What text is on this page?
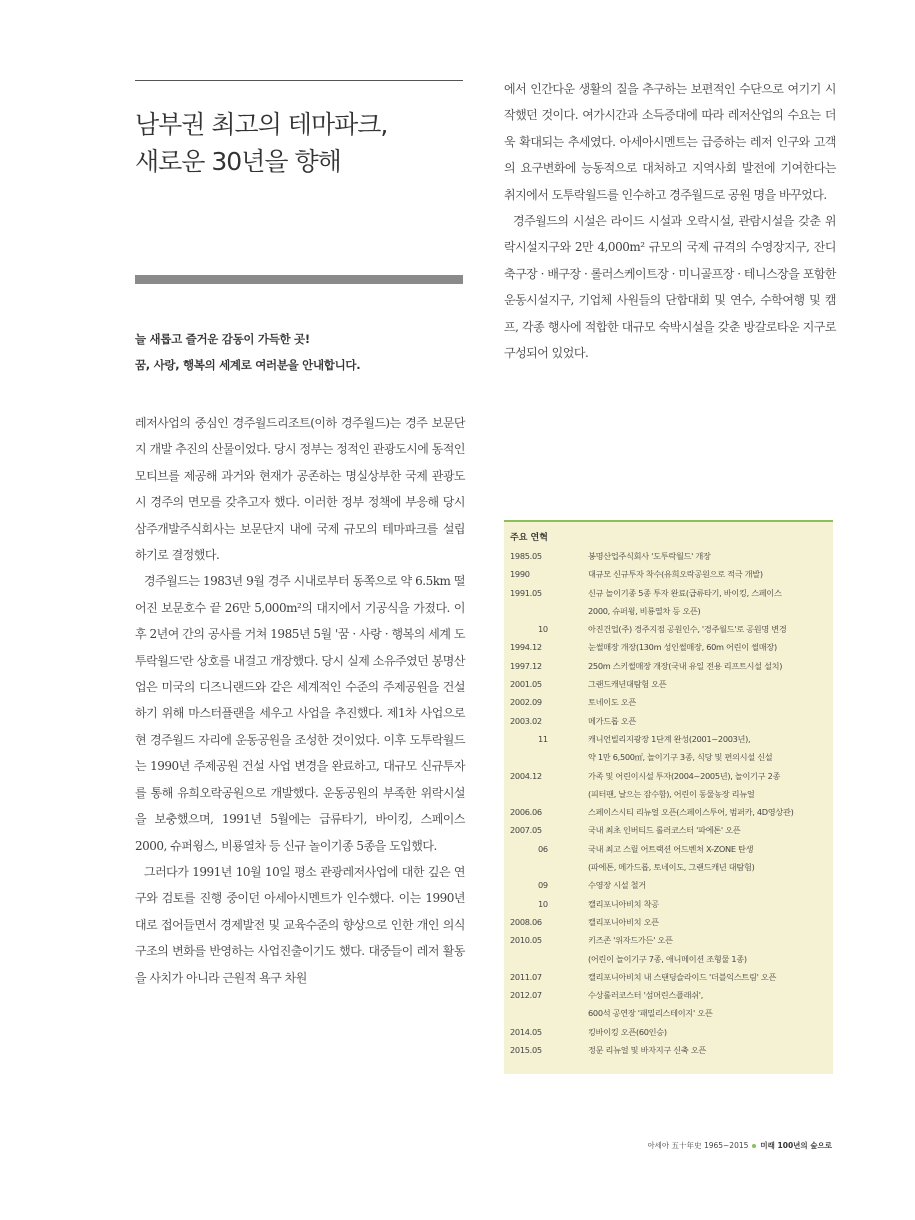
남부권 최고의 테마파크,
새로운 30년을 향해

늘 새롭고 즐거운 감동이 가득한 곳!
꿈, 사랑, 행복의 세계로 여러분을 안내합니다.

레저사업의 중심인 경주월드리조트(이하 경주월드)는 경주 보문단지 개발 추진의 산물이었다. 당시 정부는 정적인 관광도시에 동적인 모티브를 제공해 과거와 현재가 공존하는 명실상부한 국제 관광도시 경주의 면모를 갖추고자 했다. 이러한 정부 정책에 부응해 당시 삼주개발주식회사는 보문단지 내에 국제 규모의 테마파크를 설립하기로 결정했다.

경주월드는 1983년 9월 경주 시내로부터 동쪽으로 약 6.5km 떨어진 보문호수 끝 26만 5,000m²의 대지에서 기공식을 가졌다. 이후 2년여 간의 공사를 거쳐 1985년 5월 '꿈 · 사랑 · 행복의 세계 도투락월드'란 상호를 내걸고 개장했다. 당시 실제 소유주였던 봉명산업은 미국의 디즈니랜드와 같은 세계적인 수준의 주제공원을 건설하기 위해 마스터플랜을 세우고 사업을 추진했다. 제1차 사업으로 현 경주월드 자리에 운동공원을 조성한 것이었다. 이후 도투락월드는 1990년 주제공원 건설 사업 변경을 완료하고, 대규모 신규투자를 통해 유희오락공원으로 개발했다. 운동공원의 부족한 위락시설을 보충했으며, 1991년 5월에는 급류타기, 바이킹, 스페이스 2000, 슈퍼윙스, 비룡열차 등 신규 놀이기종 5종을 도입했다.

그러다가 1991년 10월 10일 평소 관광레저사업에 대한 깊은 연구와 검토를 진행 중이던 아세아시멘트가 인수했다. 이는 1990년대로 접어들면서 경제발전 및 교육수준의 향상으로 인한 개인 의식구조의 변화를 반영하는 사업진출이기도 했다. 대중들이 레저 활동을 사치가 아니라 근원적 욕구 차원

에서 인간다운 생활의 질을 추구하는 보편적인 수단으로 여기기 시작했던 것이다. 여가시간과 소득증대에 따라 레저산업의 수요는 더욱 확대되는 추세였다. 아세아시멘트는 급증하는 레저 인구와 고객의 요구변화에 능동적으로 대처하고 지역사회 발전에 기여한다는 취지에서 도투락월드를 인수하고 경주월드로 공원 명을 바꾸었다.

경주월드의 시설은 라이드 시설과 오락시설, 관람시설을 갖춘 위락시설지구와 2만 4,000m² 규모의 국제 규격의 수영장지구, 잔디 축구장 · 배구장 · 롤러스케이트장 · 미니골프장 · 테니스장을 포함한 운동시설지구, 기업체 사원들의 단합대회 및 연수, 수학여행 및 캠프, 각종 행사에 적합한 대규모 숙박시설을 갖춘 방갈로타운 지구로 구성되어 있었다.

주요 연혁
1985.05	봉명산업주식회사 '도투락월드' 개장
1990	대규모 신규투자 착수(유희오락공원으로 적극 개발)
1991.05	신규 놀이기종 5종 투자 완료(급류타기, 바이킹, 스페이스
2000, 슈퍼윙, 비룡열차 등 오픈)
10	아진건업(주) 경주지점 공원인수, '경주월드'로 공원명 변경
1994.12	눈썰매장 개장(130m 성인썰매장, 60m 어린이 썰매장)
1997.12	250m 스키썰매장 개장(국내 유일 전용 리프트시설 설치)
2001.05	그랜드캐년대탐험 오픈
2002.09	토네이도 오픈
2003.02	메가드롭 오픈
11	캐니언빌리지광장 1단계 완성(2001~2003년),
약 1만 6,500㎡, 놀이기구 3종, 식당 및 편의시설 신설
2004.12	가족 및 어린이시설 투자(2004~2005년), 놀이기구 2종
(피터팬, 날으는 잠수함), 어린이 동물농장 리뉴얼
2006.06	스페이스시티 리뉴얼 오픈(스페이스투어, 범퍼카, 4D영상관)
2007.05	국내 최초 인버티드 롤러코스터 '파에톤' 오픈
06	국내 최고 스릴 어트랙션 어드벤처 X-ZONE 탄생
(파에톤, 메가드롭, 토네이도, 그랜드캐년 대탐험)
09	수영장 시설 철거
10	캘리포니아비치 착공
2008.06	캘리포니아비치 오픈
2010.05	키즈존 '위자드가든' 오픈
(어린이 놀이기구 7종, 애니메이션 조형물 1종)
2011.07	캘리포니아비치 내 스탠딩슬라이드 '더블익스트림' 오픈
2012.07	수상롤러코스터 '섬머린스플래쉬',
600석 공연장 '패밀리스테이지' 오픈
2014.05	킹바이킹 오픈(60인승)
2015.05	정문 리뉴얼 및 바자지구 신축 오픈
아세아 五十年史 1965~2015 미래 100년의 숲으로
